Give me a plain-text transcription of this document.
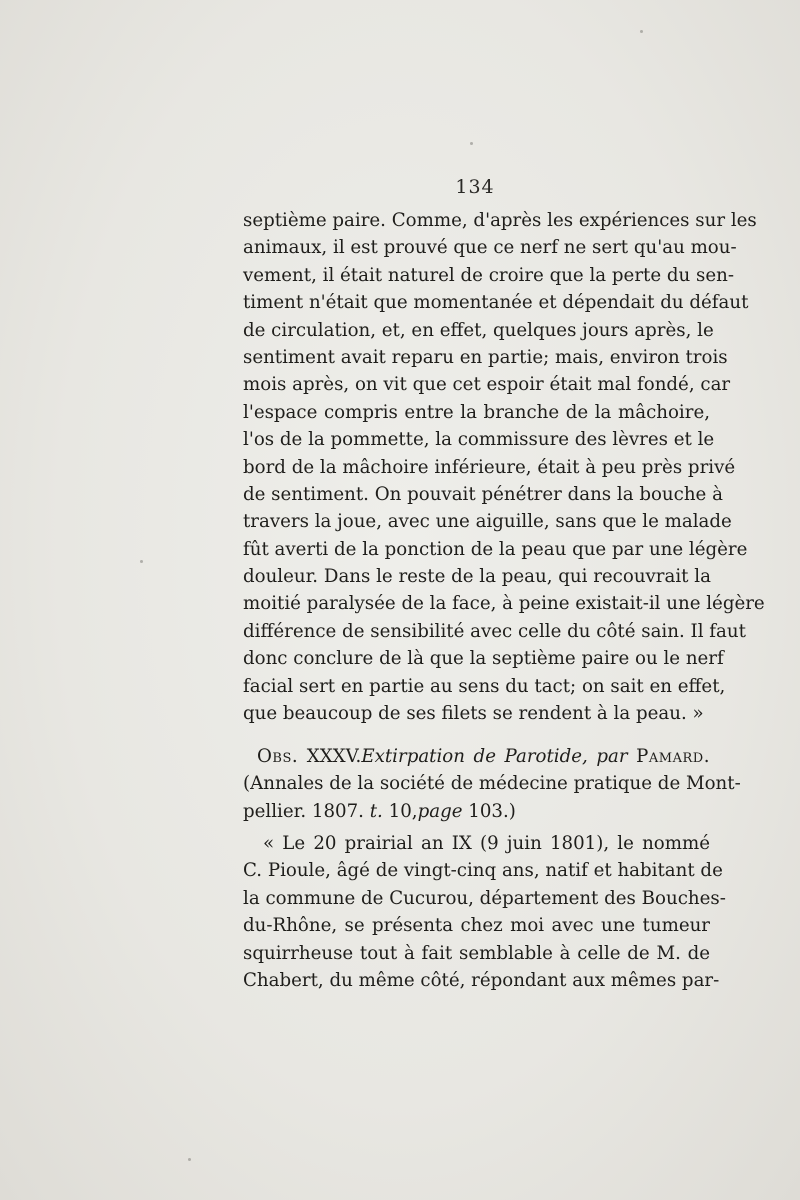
134
septième paire. Comme, d'après les expériences sur les
animaux, il est prouvé que ce nerf ne sert qu'au mou-
vement, il était naturel de croire que la perte du sen-
timent n'était que momentanée et dépendait du défaut
de circulation, et, en effet, quelques jours après, le
sentiment avait reparu en partie; mais, environ trois
mois après, on vit que cet espoir était mal fondé, car
l'espace compris entre la branche de la mâchoire,
l'os de la pommette, la commissure des lèvres et le
bord de la mâchoire inférieure, était à peu près privé
de sentiment. On pouvait pénétrer dans la bouche à
travers la joue, avec une aiguille, sans que le malade
fût averti de la ponction de la peau que par une légère
douleur. Dans le reste de la peau, qui recouvrait la
moitié paralysée de la face, à peine existait-il une légère
différence de sensibilité avec celle du côté sain. Il faut
donc conclure de là que la septième paire ou le nerf
facial sert en partie au sens du tact; on sait en effet,
que beaucoup de ses filets se rendent à la peau. »
Obs. XXXV.Extirpation de Parotide, par Pamard.
(Annales de la société de médecine pratique de Mont-
pellier. 1807. t. 10,page 103.)
« Le 20 prairial an IX (9 juin 1801), le nommé
C. Pioule, âgé de vingt-cinq ans, natif et habitant de
la commune de Cucurou, département des Bouches-
du-Rhône, se présenta chez moi avec une tumeur
squirrheuse tout à fait semblable à celle de M. de
Chabert, du même côté, répondant aux mêmes par-
